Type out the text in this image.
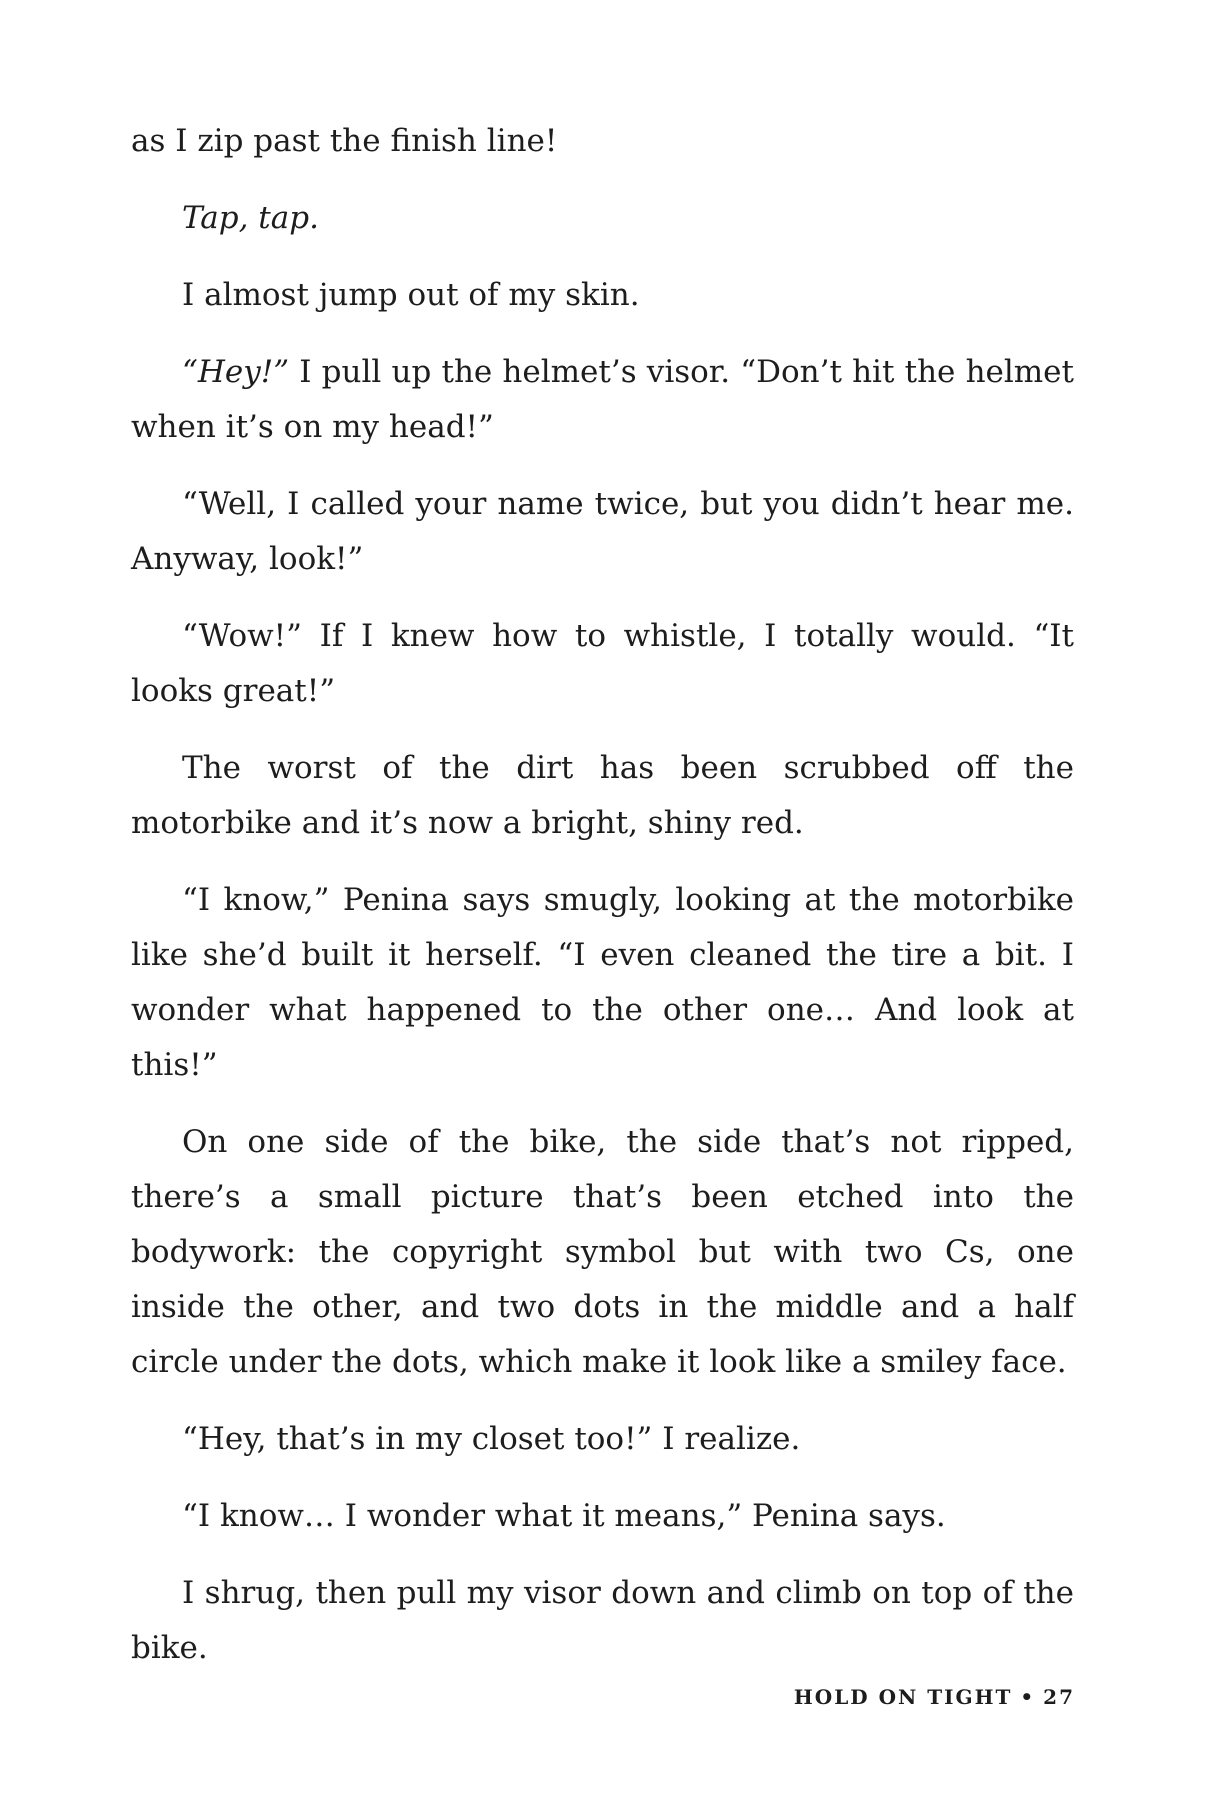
as I zip past the finish line!

Tap, tap.

I almost jump out of my skin.

“Hey!” I pull up the helmet’s visor. “Don’t hit the helmet when it’s on my head!”

“Well, I called your name twice, but you didn’t hear me. Anyway, look!”

“Wow!” If I knew how to whistle, I totally would. “It looks great!”

The worst of the dirt has been scrubbed off the motorbike and it’s now a bright, shiny red.

“I know,” Penina says smugly, looking at the motorbike like she’d built it herself. “I even cleaned the tire a bit. I wonder what happened to the other one… And look at this!”

On one side of the bike, the side that’s not ripped, there’s a small picture that’s been etched into the bodywork: the copyright symbol but with two Cs, one inside the other, and two dots in the middle and a half circle under the dots, which make it look like a smiley face.

“Hey, that’s in my closet too!” I realize.

“I know… I wonder what it means,” Penina says.

I shrug, then pull my visor down and climb on top of the bike.

HOLD ON TIGHT • 27
